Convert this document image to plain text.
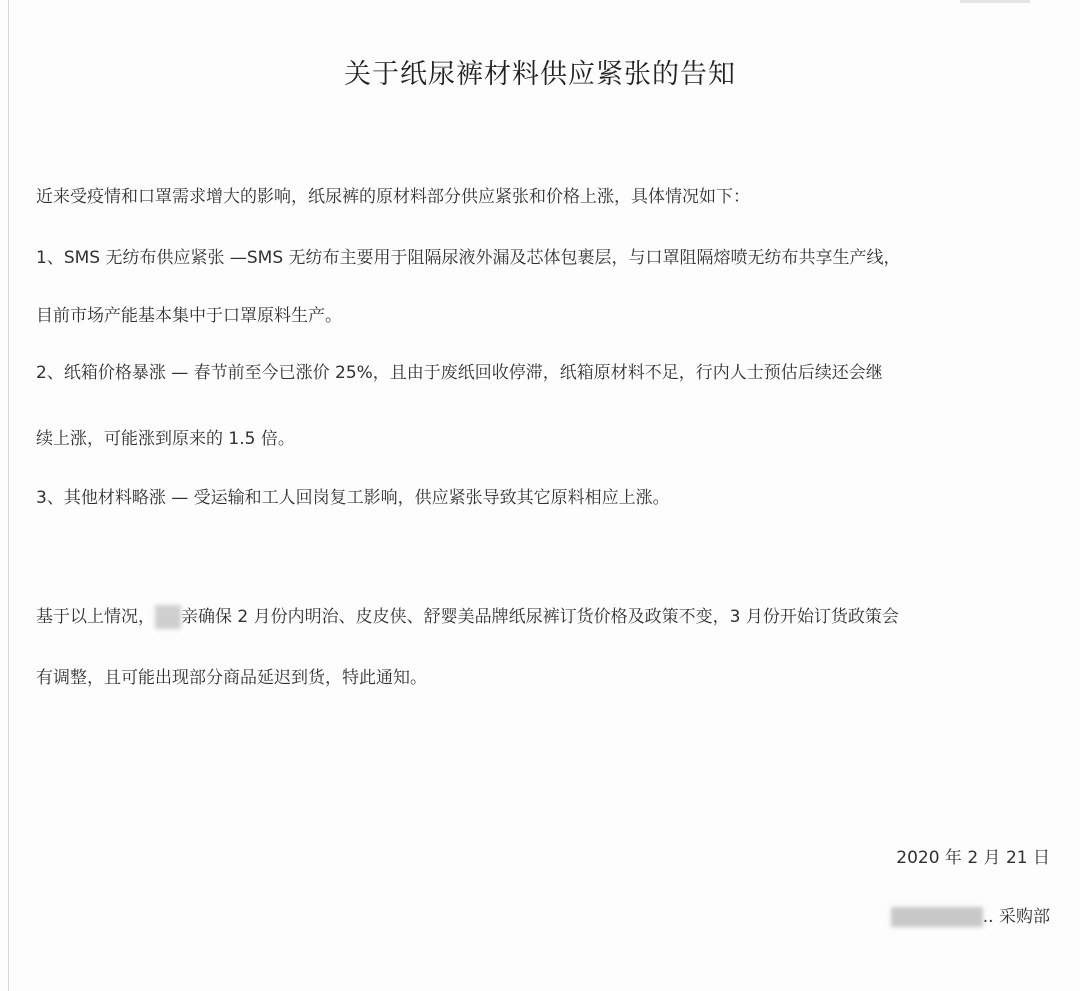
关于纸尿裤材料供应紧张的告知
近来受疫情和口罩需求增大的影响，纸尿裤的原材料部分供应紧张和价格上涨，具体情况如下：
1、SMS 无纺布供应紧张 —SMS 无纺布主要用于阻隔尿液外漏及芯体包裹层，与口罩阻隔熔喷无纺布共享生产线，
目前市场产能基本集中于口罩原料生产。
2、纸箱价格暴涨 — 春节前至今已涨价 25%，且由于废纸回收停滞，纸箱原材料不足，行内人士预估后续还会继
续上涨，可能涨到原来的 1.5 倍。
3、其他材料略涨 — 受运输和工人回岗复工影响，供应紧张导致其它原料相应上涨。
基于以上情况， 亲确保 2 月份内明治、皮皮侠、舒婴美品牌纸尿裤订货价格及政策不变，3 月份开始订货政策会
有调整，且可能出现部分商品延迟到货，特此通知。
2020 年 2 月 21 日
.. 采购部
